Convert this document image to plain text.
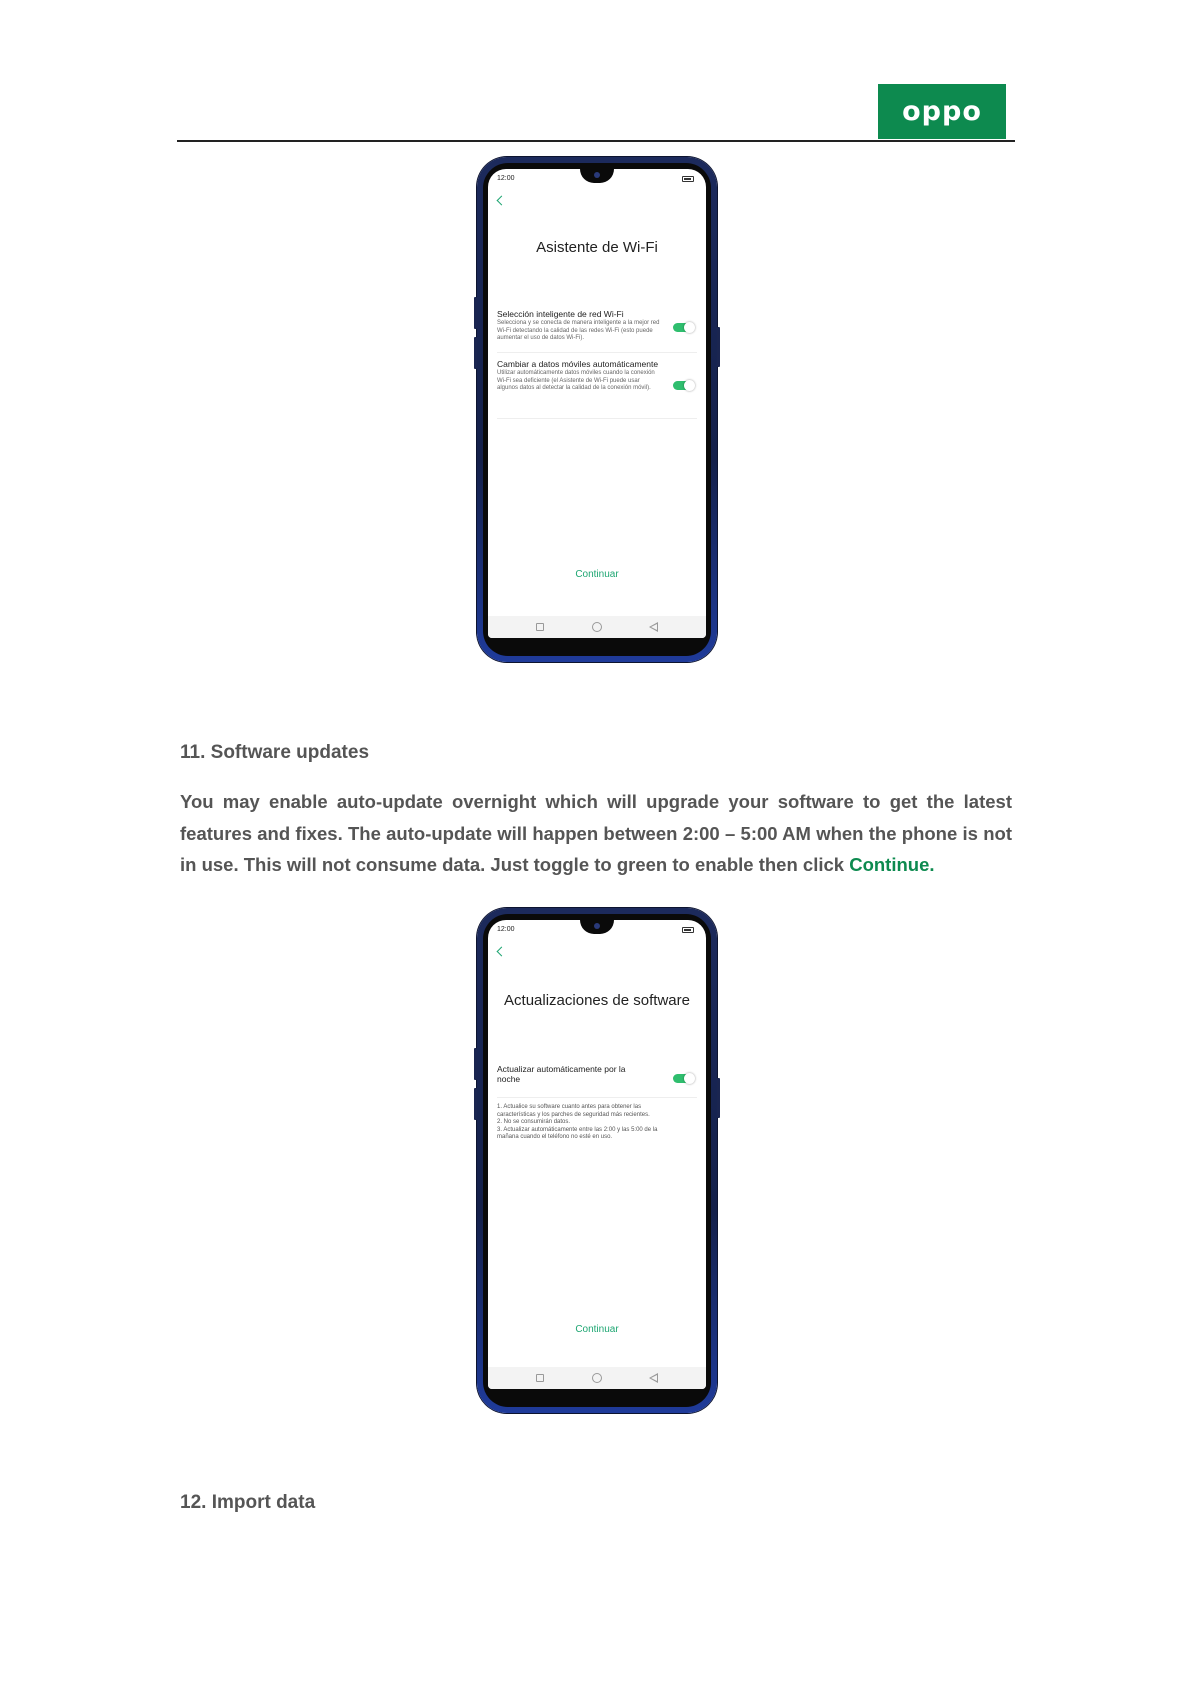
oppo
12:00
Asistente de Wi-Fi
Selección inteligente de red Wi-Fi
Selecciona y se conecta de manera inteligente a la mejor red Wi-Fi detectando la calidad de las redes Wi-Fi (esto puede aumentar el uso de datos Wi-Fi).
Cambiar a datos móviles automáticamente
Utilizar automáticamente datos móviles cuando la conexión Wi-Fi sea deficiente (el Asistente de Wi-Fi puede usar algunos datos al detectar la calidad de la conexión móvil).
Continuar
11. Software updates

You may enable auto-update overnight which will upgrade your software to get the latest features and fixes. The auto-update will happen between 2:00 – 5:00 AM when the phone is not in use. This will not consume data. Just toggle to green to enable then click Continue.

12:00
Actualizaciones de software
Actualizar automáticamente por la noche
1. Actualice su software cuanto antes para obtener las características y los parches de seguridad más recientes.
2. No se consumirán datos.
3. Actualizar automáticamente entre las 2:00 y las 5:00 de la mañana cuando el teléfono no esté en uso.
Continuar
12. Import data
